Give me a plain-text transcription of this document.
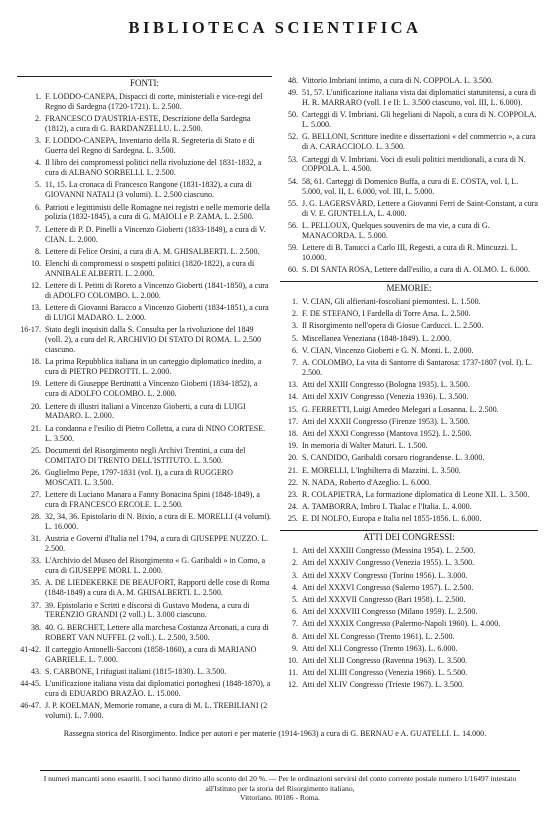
BIBLIOTECA SCIENTIFICA
FONTI:
1. F. LODDO-CANEPA, Dispacci di corte, ministeriali e vice-regi del Regno di Sardegna (1720-1721). L. 2.500.
2. FRANCESCO D'AUSTRIA-ESTE, Descrizione della Sardegna (1812), a cura di G. BARDANZELLU. L. 2.500.
3. F. LODDO-CANEPA, Inventario della R. Segreteria di Stato e di Guerra del Regno di Sardegna. L. 3.500.
4. Il libro dei compromessi politici nella rivoluzione del 1831-1832, a cura di ALBANO SORBELLI. L. 2.500.
5. 11, 15. La cronaca di Francesco Rangone (1831-1832), a cura di GIOVANNI NATALI (3 volumi). L. 2.500 ciascuno.
6. Patrioti e legittimisti delle Romagne nei registri e nelle memorie della polizia (1832-1845), a cura di G. MAIOLI e P. ZAMA. L. 2.500.
7. Lettere di P. D. Pinelli a Vincenzo Gioberti (1833-1849), a cura di V. CIAN. L. 2.000.
8. Lettere di Felice Orsini, a cura di A. M. GHISALBERTI. L. 2.500.
10. Elenchi di compromessi o sospetti politici (1820-1822), a cura di ANNIBALE ALBERTI. L. 2.000.
12. Lettere di I. Petitti di Roreto a Vincenzo Gioberti (1841-1850), a cura di ADOLFO COLOMBO. L. 2.000.
13. Lettere di Giovanni Baracco a Vincenzo Gioberti (1834-1851), a cura di LUIGI MADARO. L. 2.000.
16-17. Stato degli inquisiti dalla S. Consulta per la rivoluzione del 1849 (voll. 2), a cura del R. ARCHIVIO DI STATO DI ROMA. L. 2.500 ciascuno.
18. La prima Repubblica italiana in un carteggio diplomatico inedito, a cura di PIETRO PEDROTTI. L. 2.000.
19. Lettere di Giuseppe Bertinatti a Vincenzo Gioberti (1834-1852), a cura di ADOLFO COLOMBO. L. 2.000.
20. Lettere di illustri italiani a Vincenzo Gioberti, a cura di LUIGI MADARO. L. 2.000.
21. La condanna e l'esilio di Pietro Colletta, a cura di NINO CORTESE. L. 3.500.
25. Documenti del Risorgimento negli Archivi Trentini, a cura del COMITATO DI TRENTO DELL'ISTITUTO. L. 3.500.
26. Guglielmo Pepe, 1797-1831 (vol. I), a cura di RUGGERO MOSCATI. L. 3.500.
27. Lettere di Luciano Manara a Fanny Bonacina Spini (1848-1849), a cura di FRANCESCO ERCOLE. L. 2.500.
28. 32, 34, 36. Epistolario di N. Bixio, a cura di E. MORELLI (4 volumi). L. 16.000.
31. Austria e Governi d'Italia nel 1794, a cura di GIUSEPPE NUZZO. L. 2.500.
33. L'Archivio del Museo del Risorgimento « G. Garibaldi » in Como, a cura di GIUSEPPE MORI. L. 2.000.
35. A. DE LIEDEKERKE DE BEAUFORT, Rapporti delle cose di Roma (1848-1849) a cura di A. M. GHISALBERTI. L. 2.500.
37. 39. Epistolario e Scritti e discorsi di Gustavo Modena, a cura di TERENZIO GRANDI (2 voll.) L. 3.000 ciascuno.
38. 40. G. BERCHET, Lettere alla marchesa Costanza Arconati, a cura di ROBERT VAN NUFFEL (2 voll.). L. 2.500, 3.500.
41-42. Il carteggio Antonelli-Sacconi (1858-1860), a cura di MARIANO GABRIELE. L. 7.000.
43. S. CARBONE, I rifugiati italiani (1815-1830). L. 3.500.
44-45. L'unificazione italiana vista dai diplomatici portoghesi (1848-1870), a cura di EDUARDO BRAZÃO. L. 15.000.
46-47. J. P. KOELMAN, Memorie romane, a cura di M. L. TREBILIANI (2 volumi). L. 7.000.
48. Vittorio Imbriani intimo, a cura di N. COPPOLA. L. 3.500.
49. 51, 57. L'unificazione italiana vista dai diplomatici statunitensi, a cura di H. R. MARRARO (voll. I e II: L. 3.500 ciascuno, vol. III, L. 6.000).
50. Carteggi di V. Imbriani. Gli hegeliani di Napoli, a cura di N. COPPOLA. L. 5.000.
52. G. BELLONI, Scritture inedite e dissertazioni « del commercio », a cura di A. CARACCIOLO. L. 3.500.
53. Carteggi di V. Imbriani. Voci di esuli politici meridionali, a cura di N. COPPOLA. L. 4.500.
54. 58, 61. Carteggi di Domenico Buffa, a cura di E. COSTA, vol. I, L. 5.000, vol. II, L. 6.000, vol. III, L. 5.000.
55. J. G. LAGERSVÄRD, Lettere a Giovanni Ferri de Saint-Constant, a cura di V. E. GIUNTELLA, L. 4.000.
56. L. PELLOUX, Quelques souvenirs de ma vie, a cura di G. MANACORDA. L. 5.000.
59. Lettere di B. Tanucci a Carlo III, Regesti, a cura di R. Mincuzzi. L. 10.000.
60. S. DI SANTA ROSA, Lettere dall'esilio, a cura di A. OLMO. L. 6.000.
MEMORIE:
1. V. CIAN, Gli alfieriani-foscoliani piemontesi. L. 1.500.
2. F. DE STEFANO, I Fardella di Torre Arsa. L. 2.500.
3. Il Risorgimento nell'opera di Giosue Carducci. L. 2.500.
5. Miscellanea Veneziana (1848-1849). L. 2.000.
6. V. CIAN, Vincenzo Gioberti e G. N. Monti. L. 2.000.
7. A. COLOMBO, La vita di Santorre di Santarosa: 1737-1807 (vol. I). L. 2.500.
13. Atti del XXIII Congresso (Bologna 1935). L. 3.500.
14. Atti del XXIV Congresso (Venezia 1936). L. 3.500.
15. G. FERRETTI, Luigi Amedeo Melegari a Losanna. L. 2.500.
17. Atti del XXXII Congresso (Firenze 1953). L. 3.500.
18. Atti del XXXI Congresso (Mantova 1952). L. 2.500.
19. In memoria di Walter Maturi. L. 1.500.
20. S. CANDIDO, Garibaldi corsaro riograndense. L. 3.000.
21. E. MORELLI, L'Inghilterra di Mazzini. L. 3.500.
22. N. NADA, Roberto d'Azeglio. L. 6.000.
23. R. COLAPIETRA, La formazione diplomatica di Leone XII. L. 3.500.
24. A. TAMBORRA, Imbro I. Tkalac e l'Italia. L. 4.000.
25. E. DI NOLFO, Europa e Italia nel 1855-1856. L. 6.000.
ATTI DEI CONGRESSI:
1. Atti del XXXIII Congresso (Messina 1954). L. 2.500.
2. Atti del XXXIV Congresso (Venezia 1955). L. 3.500.
3. Atti del XXXV Congresso (Torino 1956). L. 3.000.
4. Atti del XXXVI Congresso (Salerno 1957). L. 2.500.
5. Atti del XXXVII Congresso (Bari 1958). L. 2.500.
6. Atti del XXXVIII Congresso (Milano 1959). L. 2.500.
7. Atti del XXXIX Congresso (Palermo-Napoli 1960). L. 4.000.
8. Atti del XL Congresso (Trento 1961). L. 2.500.
9. Atti del XLI Congresso (Trento 1963). L. 6.000.
10. Atti del XLII Congresso (Ravenna 1963). L. 3.500.
11. Atti del XLIII Congresso (Venezia 1966). L. 5.500.
12. Atti del XLIV Congresso (Trieste 1967). L. 3.500.
Rassegna storica del Risorgimento. Indice per autori e per materie (1914-1963) a cura di G. BERNAU e A. GUATELLI. L. 14.000.
I numeri mancanti sono esauriti. I soci hanno diritto allo sconto del 20 %. — Per le ordinazioni servirsi del conto corrente postale numero 1/16497 intestato all'Istituto per la storia del Risorgimento italiano,
Vittoriano. 00186 - Roma.
